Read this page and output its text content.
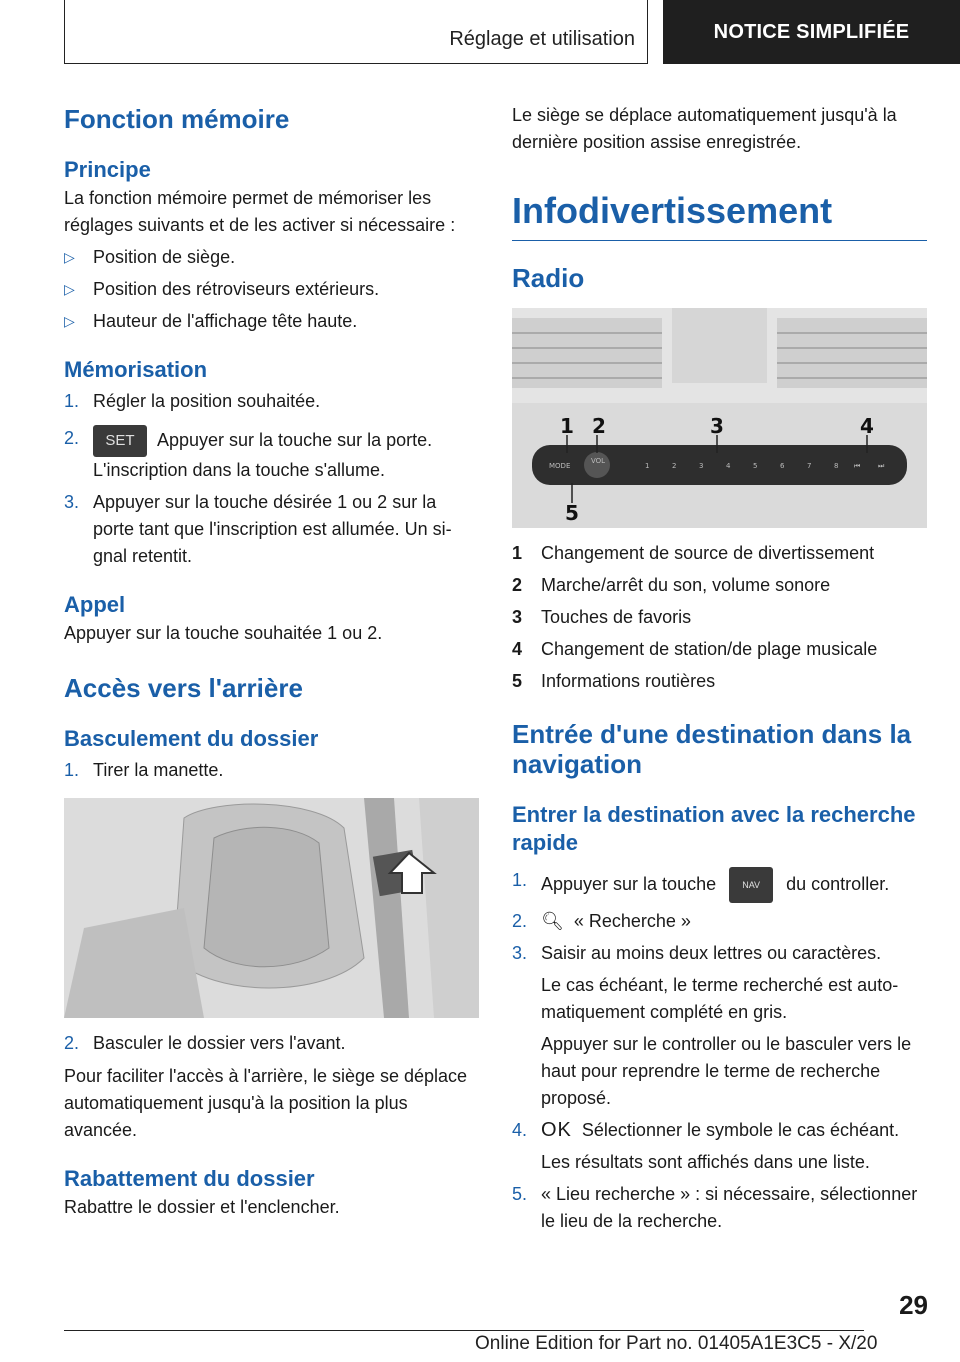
Réglage et utilisation	NOTICE SIMPLIFIÉE
Fonction mémoire
Principe

La fonction mémoire permet de mémoriser les réglages suivants et de les activer si nécessaire :

▷	Position de siège.
▷	Position des rétroviseurs extérieurs.
▷	Hauteur de l'affichage tête haute.
Mémorisation
1. Régler la position souhaitée.
2.	SET Appuyer sur la touche sur la porte. L'inscription dans la touche s'allume.
3. Appuyer sur la touche désirée 1 ou 2 sur la porte tant que l'inscription est allumée. Un signal retentit.
Appel

Appuyer sur la touche souhaitée 1 ou 2.

Accès vers l'arrière
Basculement du dossier
1. Tirer la manette.
2. Basculer le dossier vers l'avant.

Pour faciliter l'accès à l'arrière, le siège se déplace automatiquement jusqu'à la position la plus avancée.

Rabattement du dossier

Rabattre le dossier et l'enclencher.

Le siège se déplace automatiquement jusqu'à la dernière position assise enregistrée.

Infodivertissement
Radio
MODE
VOL
1	2	3	4	5	6	7	8 ⏮	⏭
1 2	3	4
5
1	Changement de source de divertissement
2	Marche/arrêt du son, volume sonore
3	Touches de favoris
4	Changement de station/de plage musicale
5	Informations routières
Entrée d'une destination dans la navigation
Entrer la destination avec la recherche rapide
1. Appuyer sur la touche	NAV du controller.
2. 🔍︎ « Recherche »
3. Saisir au moins deux lettres ou caractères.
Le cas échéant, le terme recherché est automatiquement complété en gris.
Appuyer sur le controller ou le basculer vers le haut pour reprendre le terme de recherche proposé.
4. OK Sélectionner le symbole le cas échéant.
Les résultats sont affichés dans une liste.
5. « Lieu recherche » : si nécessaire, sélectionner le lieu de la recherche.
29
Online Edition for Part no. 01405A1E3C5 - X/20
